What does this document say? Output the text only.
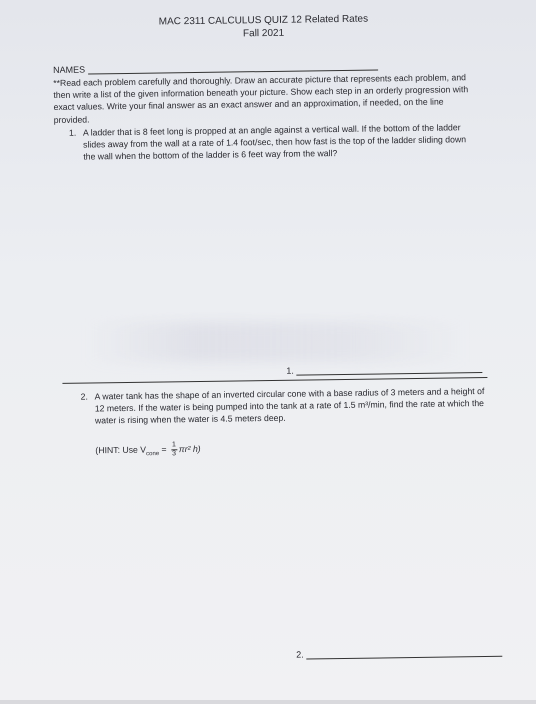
MAC 2311 CALCULUS QUIZ 12 Related Rates
Fall 2021
NAMES
**Read each problem carefully and thoroughly. Draw an accurate picture that represents each problem, and then write a list of the given information beneath your picture. Show each step in an orderly progression with exact values. Write your final answer as an exact answer and an approximation, if needed, on the line provided.
1. A ladder that is 8 feet long is propped at an angle against a vertical wall. If the bottom of the ladder slides away from the wall at a rate of 1.4 foot/sec, then how fast is the top of the ladder sliding down the wall when the bottom of the ladder is 6 feet way from the wall?
1.
2. A water tank has the shape of an inverted circular cone with a base radius of 3 meters and a height of 12 meters. If the water is being pumped into the tank at a rate of 1.5 m³/min, find the rate at which the water is rising when the water is 4.5 meters deep.
(HINT: Use $V_{cone} = \frac{1}{3} \pi r^2$ h)
2.
